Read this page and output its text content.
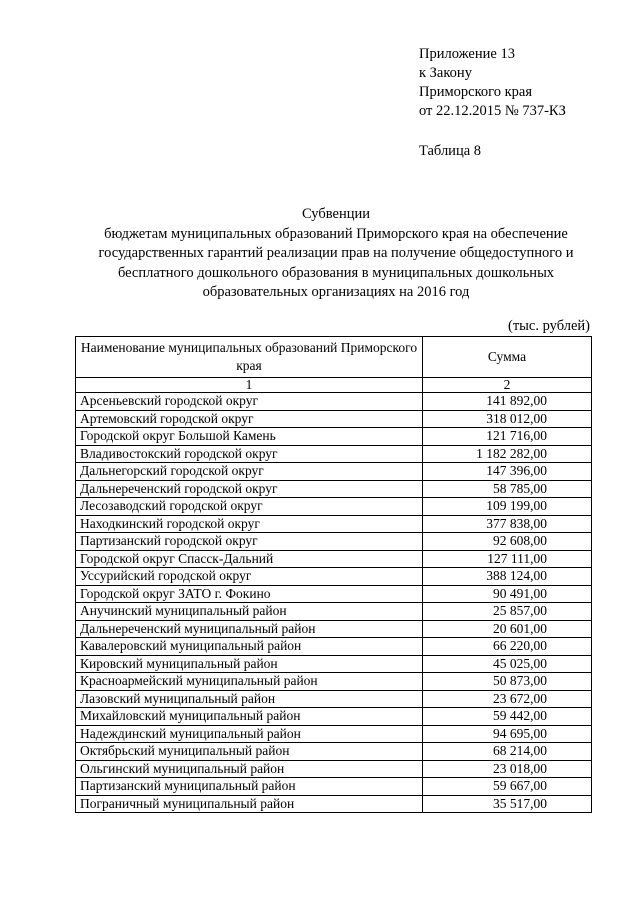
Приложение 13
к Закону
Приморского края
от 22.12.2015 № 737-КЗ
Таблица 8
Субвенции
бюджетам муниципальных образований Приморского края на обеспечение
государственных гарантий реализации прав на получение общедоступного и
бесплатного дошкольного образования в муниципальных дошкольных
образовательных организациях на 2016 год
(тыс. рублей)
Наименование муниципальных образований Приморского края	Сумма
1	2
Арсеньевский городской округ	141 892,00
Артемовский городской округ	318 012,00
Городской округ Большой Камень	121 716,00
Владивостокский городской округ	1 182 282,00
Дальнегорский городской округ	147 396,00
Дальнереченский городской округ	58 785,00
Лесозаводский городской округ	109 199,00
Находкинский городской округ	377 838,00
Партизанский городской округ	92 608,00
Городской округ Спасск-Дальний	127 111,00
Уссурийский городской округ	388 124,00
Городской округ ЗАТО г. Фокино	90 491,00
Анучинский муниципальный район	25 857,00
Дальнереченский муниципальный район	20 601,00
Кавалеровский муниципальный район	66 220,00
Кировский муниципальный район	45 025,00
Красноармейский муниципальный район	50 873,00
Лазовский муниципальный район	23 672,00
Михайловский муниципальный район	59 442,00
Надеждинский муниципальный район	94 695,00
Октябрьский муниципальный район	68 214,00
Ольгинский муниципальный район	23 018,00
Партизанский муниципальный район	59 667,00
Пограничный муниципальный район	35 517,00
